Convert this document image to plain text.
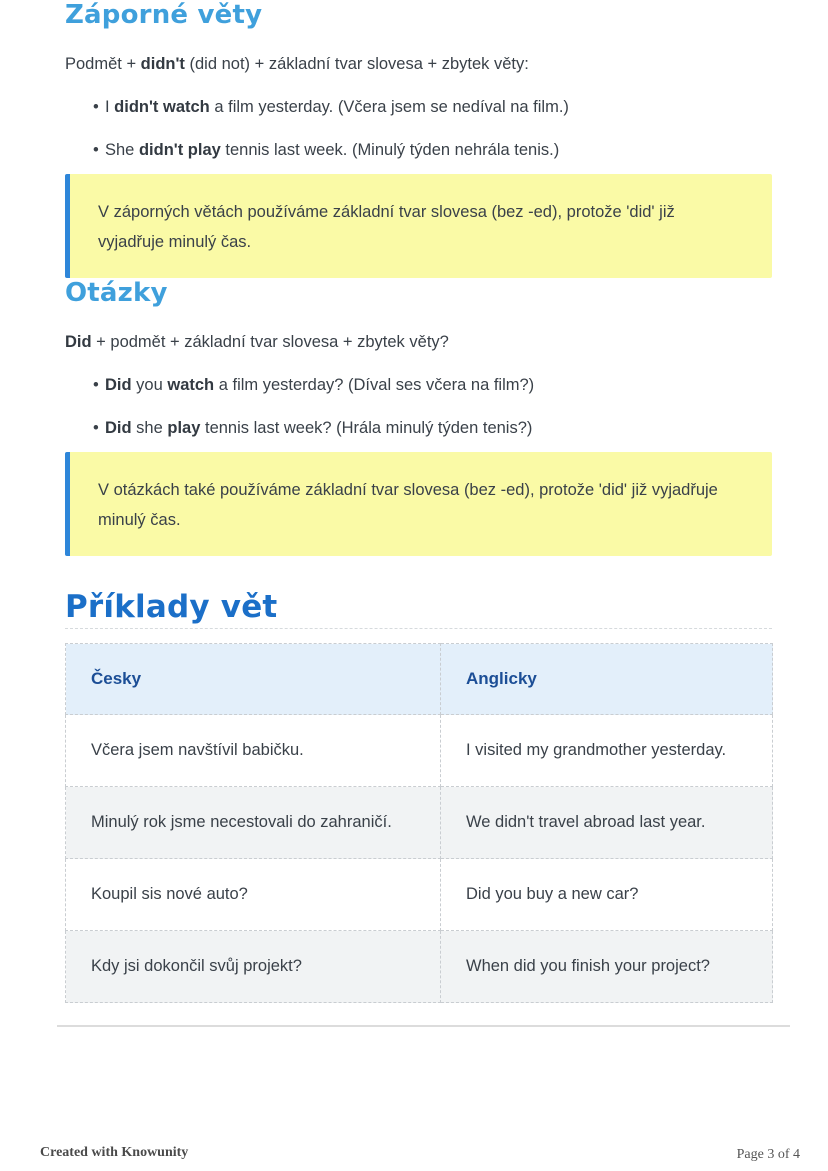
Záporné věty
Podmět + didn't (did not) + základní tvar slovesa + zbytek věty:
• I didn't watch a film yesterday. (Včera jsem se nedíval na film.)
• She didn't play tennis last week. (Minulý týden nehrála tenis.)
V záporných větách používáme základní tvar slovesa (bez -ed), protože 'did' již vyjadřuje minulý čas.
Otázky
Did + podmět + základní tvar slovesa + zbytek věty?
• Did you watch a film yesterday? (Díval ses včera na film?)
• Did she play tennis last week? (Hrála minulý týden tenis?)
V otázkách také používáme základní tvar slovesa (bez -ed), protože 'did' již vyjadřuje minulý čas.
Příklady vět
Česky	Anglicky
Včera jsem navštívil babičku.	I visited my grandmother yesterday.
Minulý rok jsme necestovali do zahraničí.	We didn't travel abroad last year.
Koupil sis nové auto?	Did you buy a new car?
Kdy jsi dokončil svůj projekt?	When did you finish your project?
Created with Knowunity	Page 3 of 4
